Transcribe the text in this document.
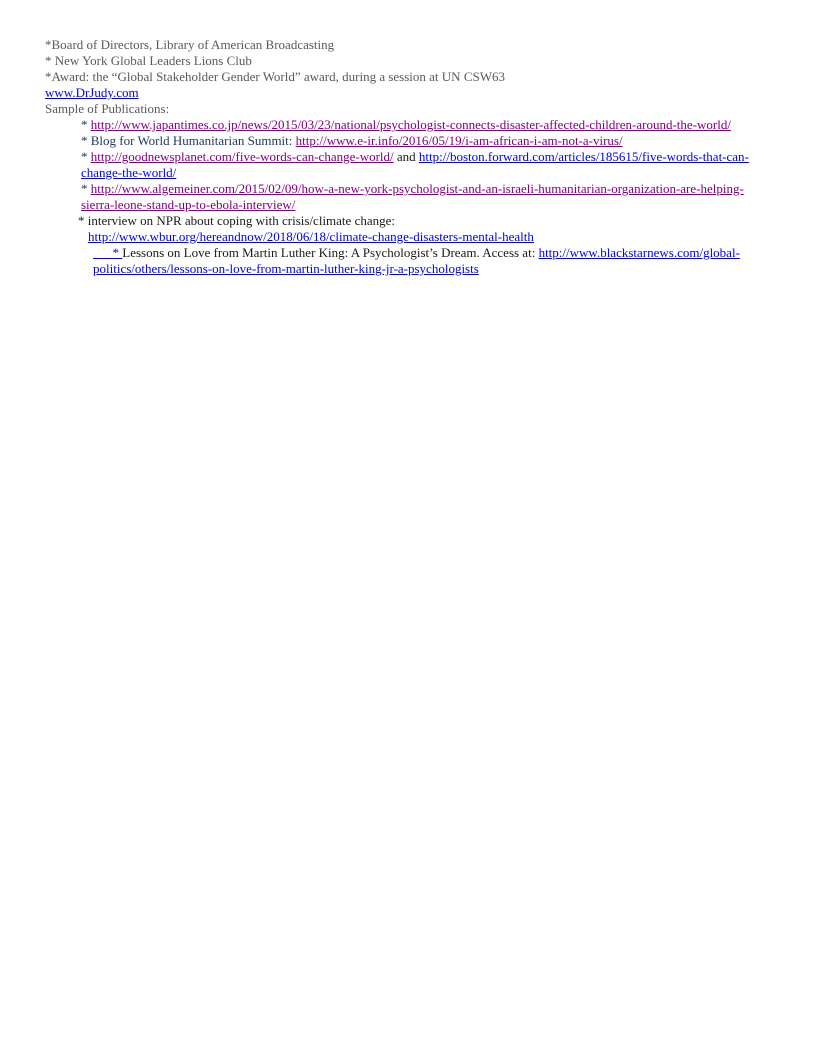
*Board of Directors, Library of American Broadcasting
* New York Global Leaders Lions Club
*Award: the “Global Stakeholder Gender World” award, during a session at UN CSW63
www.DrJudy.com
Sample of Publications:
* http://www.japantimes.co.jp/news/2015/03/23/national/psychologist-connects-disaster-affected-children-around-the-world/
* Blog for World Humanitarian Summit: http://www.e-ir.info/2016/05/19/i-am-african-i-am-not-a-virus/
* http://goodnewsplanet.com/five-words-can-change-world/ and http://boston.forward.com/articles/185615/five-words-that-can-change-the-world/
* http://www.algemeiner.com/2015/02/09/how-a-new-york-psychologist-and-an-israeli-humanitarian-organization-are-helping-sierra-leone-stand-up-to-ebola-interview/
* interview on NPR about coping with crisis/climate change:
http://www.wbur.org/hereandnow/2018/06/18/climate-change-disasters-mental-health
* Lessons on Love from Martin Luther King: A Psychologist’s Dream. Access at: http://www.blackstarnews.com/global-politics/others/lessons-on-love-from-martin-luther-king-jr-a-psychologists
